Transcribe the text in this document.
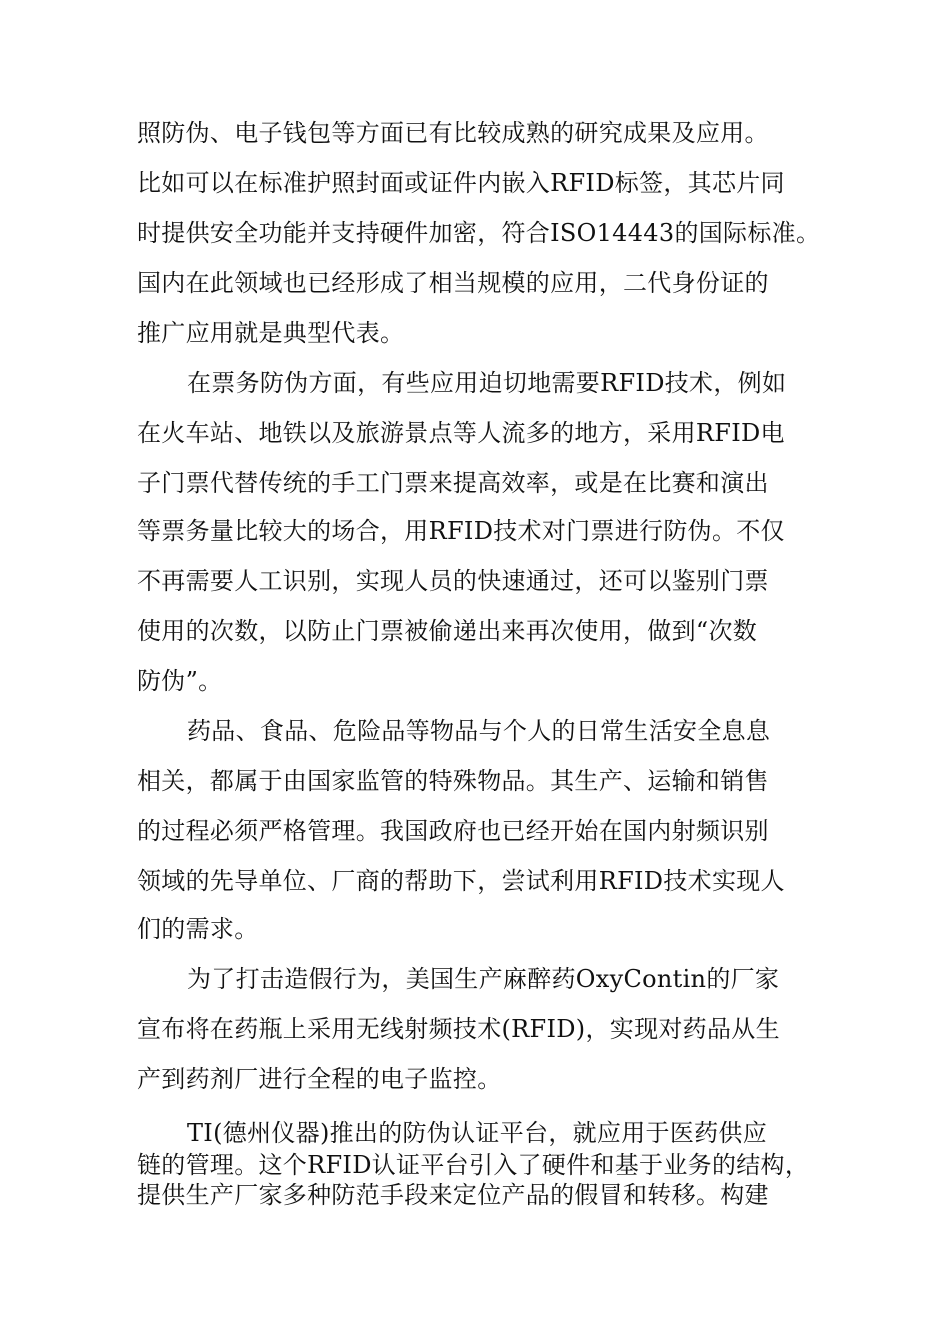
照防伪、电子钱包等方面已有比较成熟的研究成果及应用。
比如可以在标准护照封面或证件内嵌入RFID标签，其芯片同
时提供安全功能并支持硬件加密，符合ISO14443的国际标准。
国内在此领域也已经形成了相当规模的应用，二代身份证的
推广应用就是典型代表。
在票务防伪方面，有些应用迫切地需要RFID技术，例如
在火车站、地铁以及旅游景点等人流多的地方，采用RFID电
子门票代替传统的手工门票来提高效率，或是在比赛和演出
等票务量比较大的场合，用RFID技术对门票进行防伪。不仅
不再需要人工识别，实现人员的快速通过，还可以鉴别门票
使用的次数，以防止门票被偷递出来再次使用，做到“次数
防伪”。
药品、食品、危险品等物品与个人的日常生活安全息息
相关，都属于由国家监管的特殊物品。其生产、运输和销售
的过程必须严格管理。我国政府也已经开始在国内射频识别
领域的先导单位、厂商的帮助下，尝试利用RFID技术实现人
们的需求。
为了打击造假行为，美国生产麻醉药OxyContin的厂家
宣布将在药瓶上采用无线射频技术(RFID)，实现对药品从生
产到药剂厂进行全程的电子监控。
TI(德州仪器)推出的防伪认证平台，就应用于医药供应
链的管理。这个RFID认证平台引入了硬件和基于业务的结构，
提供生产厂家多种防范手段来定位产品的假冒和转移。构建
